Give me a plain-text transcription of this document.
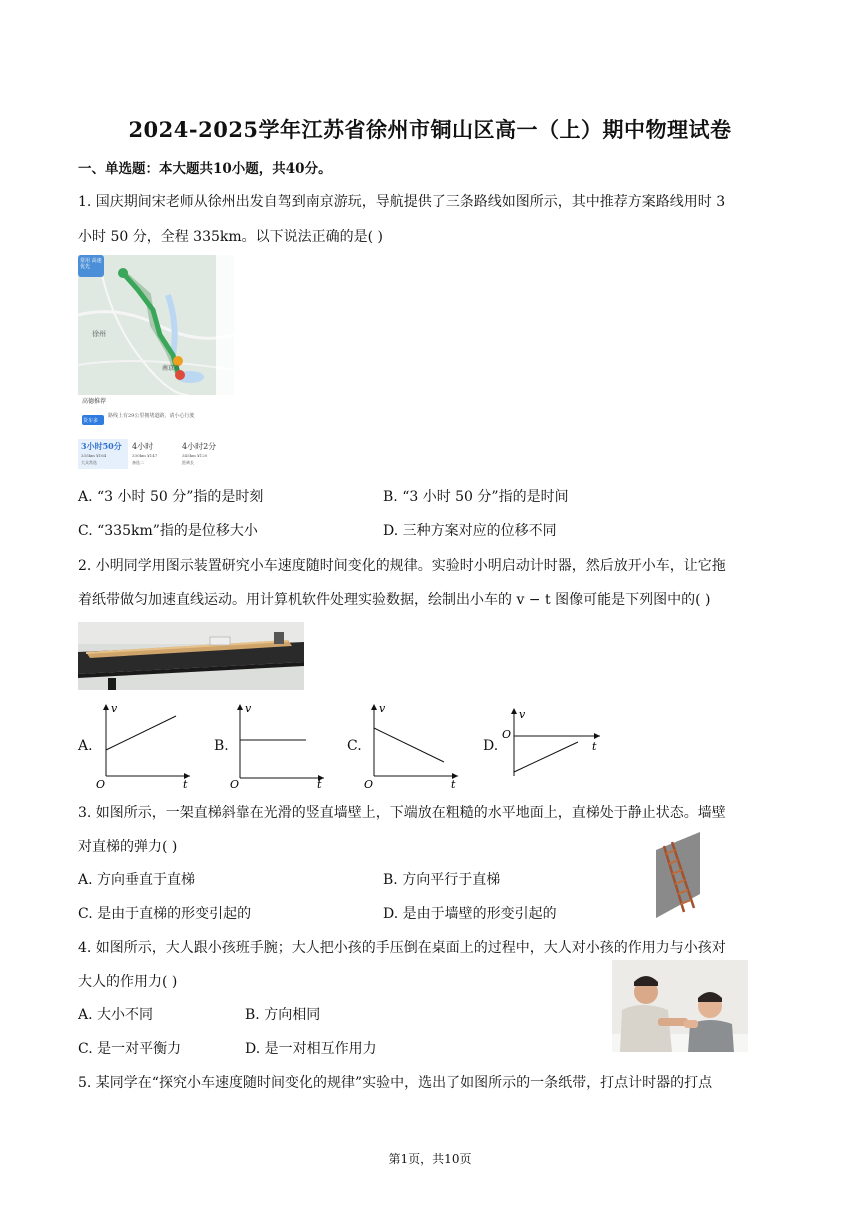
2024-2025学年江苏省徐州市铜山区高一（上）期中物理试卷
一、单选题：本大题共10小题，共40分。
1. 国庆期间宋老师从徐州出发自驾到南京游玩，导航提供了三条路线如图所示，其中推荐方案路线用时 3
小时 50 分，全程 335km。以下说法正确的是( )
常用 高速优先
徐州
南京市
高德推荐
货车多
路线上有29公里拥堵道路，请小心行驶
3小时50分
335km ¥164
大众常选
4小时
330km ¥147
备选二
4小时2分
345km ¥120
距离长
A. “3 小时 50 分”指的是时刻	B. “3 小时 50 分”指的是时间
C. “335km”指的是位移大小	D. 三种方案对应的位移不同
2. 小明同学用图示装置研究小车速度随时间变化的规律。实验时小明启动计时器，然后放开小车，让它拖
着纸带做匀加速直线运动。用计算机软件处理实验数据，绘制出小车的 v − t 图像可能是下列图中的( )
A.
v
t
O
B.
v
t
O
C.
v
t
O
D.
v
t
O
3. 如图所示，一架直梯斜靠在光滑的竖直墙壁上，下端放在粗糙的水平地面上，直梯处于静止状态。墙壁
对直梯的弹力( )
A. 方向垂直于直梯	B. 方向平行于直梯
C. 是由于直梯的形变引起的	D. 是由于墙壁的形变引起的
4. 如图所示，大人跟小孩班手腕；大人把小孩的手压倒在桌面上的过程中，大人对小孩的作用力与小孩对
大人的作用力( )
A. 大小不同	B. 方向相同
C. 是一对平衡力	D. 是一对相互作用力
5. 某同学在“探究小车速度随时间变化的规律”实验中，选出了如图所示的一条纸带，打点计时器的打点
第1页，共10页
